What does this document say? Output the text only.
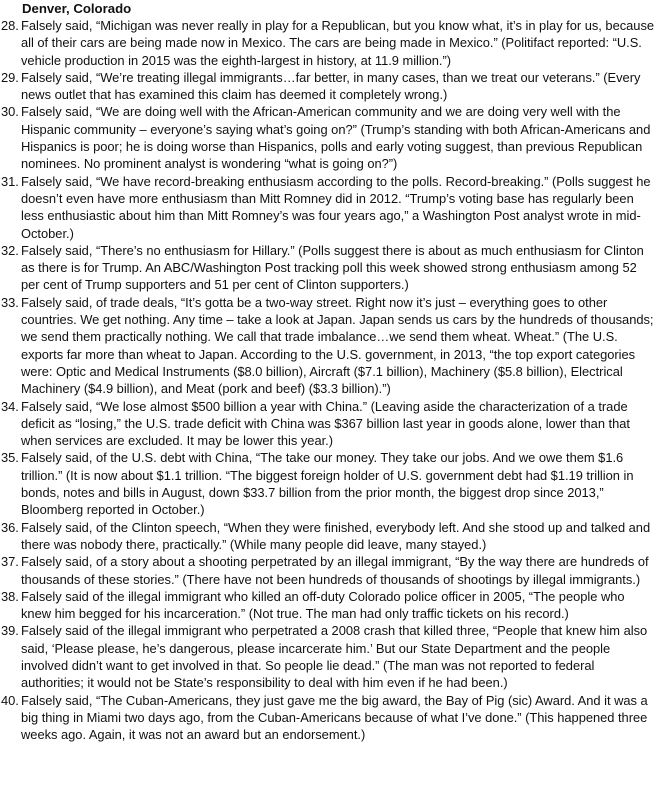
Denver, Colorado
28. Falsely said, “Michigan was never really in play for a Republican, but you know what, it’s in play for us, because all of their cars are being made now in Mexico. The cars are being made in Mexico.” (Politifact reported: “U.S. vehicle production in 2015 was the eighth-largest in history, at 11.9 million.”)
29. Falsely said, “We’re treating illegal immigrants…far better, in many cases, than we treat our veterans.” (Every news outlet that has examined this claim has deemed it completely wrong.)
30. Falsely said, “We are doing well with the African-American community and we are doing very well with the Hispanic community – everyone’s saying what’s going on?” (Trump’s standing with both African-Americans and Hispanics is poor; he is doing worse than Hispanics, polls and early voting suggest, than previous Republican nominees. No prominent analyst is wondering “what is going on?”)
31. Falsely said, “We have record-breaking enthusiasm according to the polls. Record-breaking.” (Polls suggest he doesn’t even have more enthusiasm than Mitt Romney did in 2012. “Trump’s voting base has regularly been less enthusiastic about him than Mitt Romney’s was four years ago,” a Washington Post analyst wrote in mid-October.)
32. Falsely said, “There’s no enthusiasm for Hillary.” (Polls suggest there is about as much enthusiasm for Clinton as there is for Trump. An ABC/Washington Post tracking poll this week showed strong enthusiasm among 52 per cent of Trump supporters and 51 per cent of Clinton supporters.)
33. Falsely said, of trade deals, “It’s gotta be a two-way street. Right now it’s just – everything goes to other countries. We get nothing. Any time – take a look at Japan. Japan sends us cars by the hundreds of thousands; we send them practically nothing. We call that trade imbalance…we send them wheat. Wheat.” (The U.S. exports far more than wheat to Japan. According to the U.S. government, in 2013, “the top export categories were: Optic and Medical Instruments ($8.0 billion), Aircraft ($7.1 billion), Machinery ($5.8 billion), Electrical Machinery ($4.9 billion), and Meat (pork and beef) ($3.3 billion).”)
34. Falsely said, “We lose almost $500 billion a year with China.” (Leaving aside the characterization of a trade deficit as “losing,” the U.S. trade deficit with China was $367 billion last year in goods alone, lower than that when services are excluded. It may be lower this year.)
35. Falsely said, of the U.S. debt with China, “The take our money. They take our jobs. And we owe them $1.6 trillion.” (It is now about $1.1 trillion. “The biggest foreign holder of U.S. government debt had $1.19 trillion in bonds, notes and bills in August, down $33.7 billion from the prior month, the biggest drop since 2013,” Bloomberg reported in October.)
36. Falsely said, of the Clinton speech, “When they were finished, everybody left. And she stood up and talked and there was nobody there, practically.” (While many people did leave, many stayed.)
37. Falsely said, of a story about a shooting perpetrated by an illegal immigrant, “By the way there are hundreds of thousands of these stories.” (There have not been hundreds of thousands of shootings by illegal immigrants.)
38. Falsely said of the illegal immigrant who killed an off-duty Colorado police officer in 2005, “The people who knew him begged for his incarceration.” (Not true. The man had only traffic tickets on his record.)
39. Falsely said of the illegal immigrant who perpetrated a 2008 crash that killed three, “People that knew him also said, ‘Please please, he’s dangerous, please incarcerate him.’ But our State Department and the people involved didn’t want to get involved in that. So people lie dead.” (The man was not reported to federal authorities; it would not be State’s responsibility to deal with him even if he had been.)
40. Falsely said, “The Cuban-Americans, they just gave me the big award, the Bay of Pig (sic) Award. And it was a big thing in Miami two days ago, from the Cuban-Americans because of what I’ve done.” (This happened three weeks ago. Again, it was not an award but an endorsement.)
